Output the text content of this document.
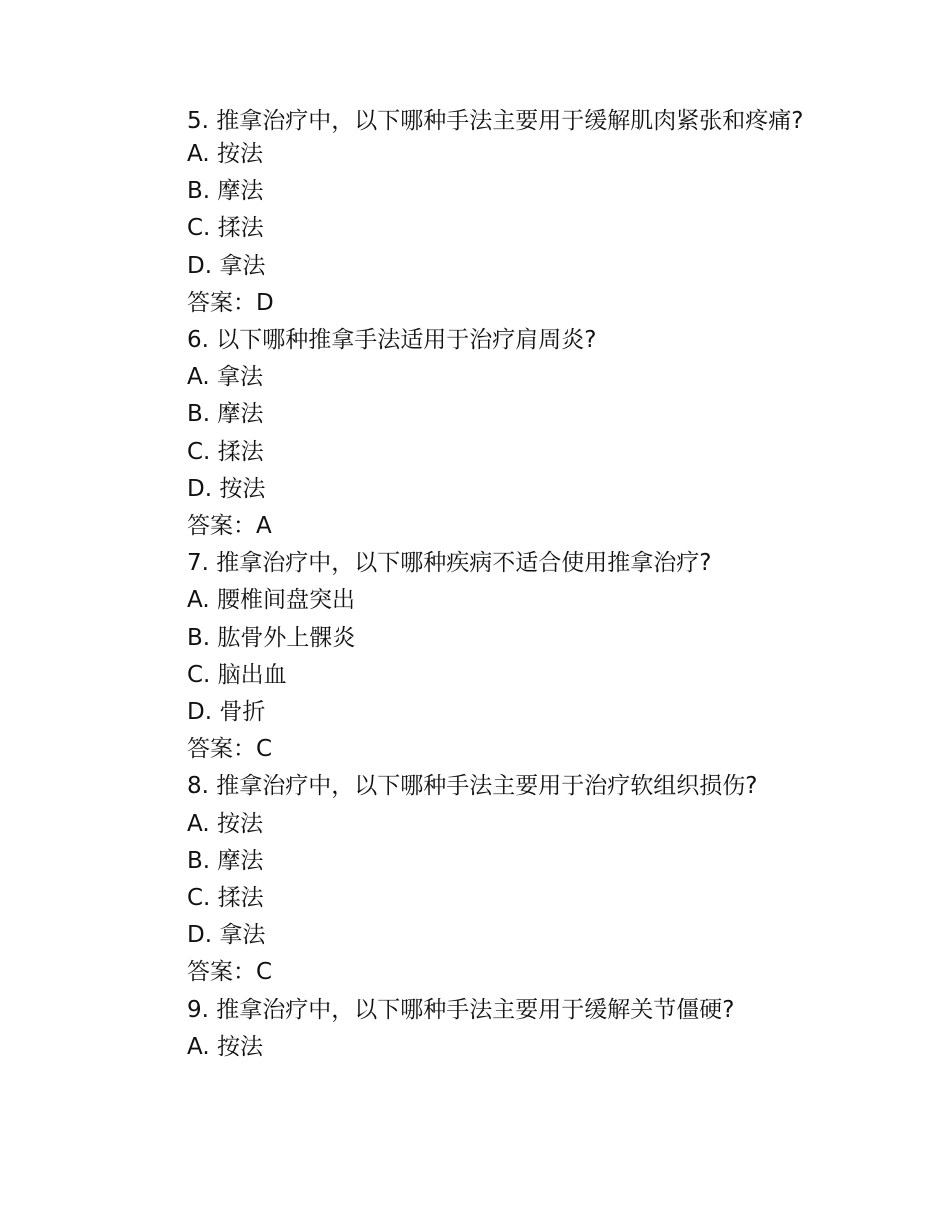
5. 推拿治疗中，以下哪种手法主要用于缓解肌肉紧张和疼痛?
A. 按法
B. 摩法
C. 揉法
D. 拿法
答案：D
6. 以下哪种推拿手法适用于治疗肩周炎?
A. 拿法
B. 摩法
C. 揉法
D. 按法
答案：A
7. 推拿治疗中，以下哪种疾病不适合使用推拿治疗?
A. 腰椎间盘突出
B. 肱骨外上髁炎
C. 脑出血
D. 骨折
答案：C
8. 推拿治疗中，以下哪种手法主要用于治疗软组织损伤?
A. 按法
B. 摩法
C. 揉法
D. 拿法
答案：C
9. 推拿治疗中，以下哪种手法主要用于缓解关节僵硬?
A. 按法
